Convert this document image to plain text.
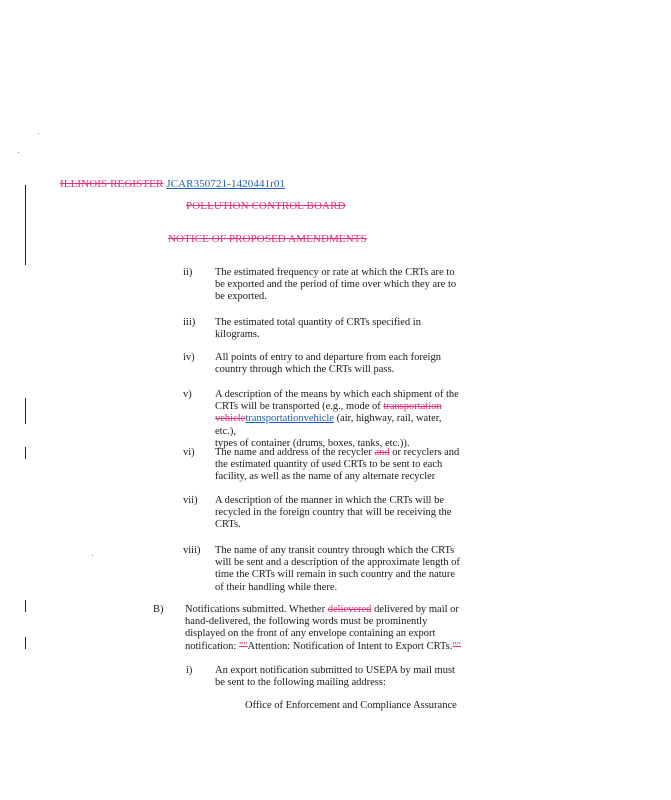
ILLINOIS REGISTER JCAR350721-1420441r01
POLLUTION CONTROL BOARD
NOTICE OF PROPOSED AMENDMENTS
ii) The estimated frequency or rate at which the CRTs are to
be exported and the period of time over which they are to
be exported.
iii) The estimated total quantity of CRTs specified in
kilograms.
iv) All points of entry to and departure from each foreign
country through which the CRTs will pass.
v) A description of the means by which each shipment of the
CRTs will be transported (e.g., mode of transportation
vehicletransportationvehicle (air, highway, rail, water, etc.),
types of container (drums, boxes, tanks, etc.)).
vi) The name and address of the recycler and or recyclers and
the estimated quantity of used CRTs to be sent to each
facility, as well as the name of any alternate recycler
vii) A description of the manner in which the CRTs will be
recycled in the foreign country that will be receiving the
CRTs.
viii) The name of any transit country through which the CRTs
will be sent and a description of the approximate length of
time the CRTs will remain in such country and the nature
of their handling while there.
B) Notifications submitted. Whether delievered delivered by mail or
hand-delivered, the following words must be prominently
displayed on the front of any envelope containing an export
notification: ""Attention: Notification of Intent to Export CRTs.""
i) An export notification submitted to USEPA by mail must
be sent to the following mailing address:
Office of Enforcement and Compliance Assurance
